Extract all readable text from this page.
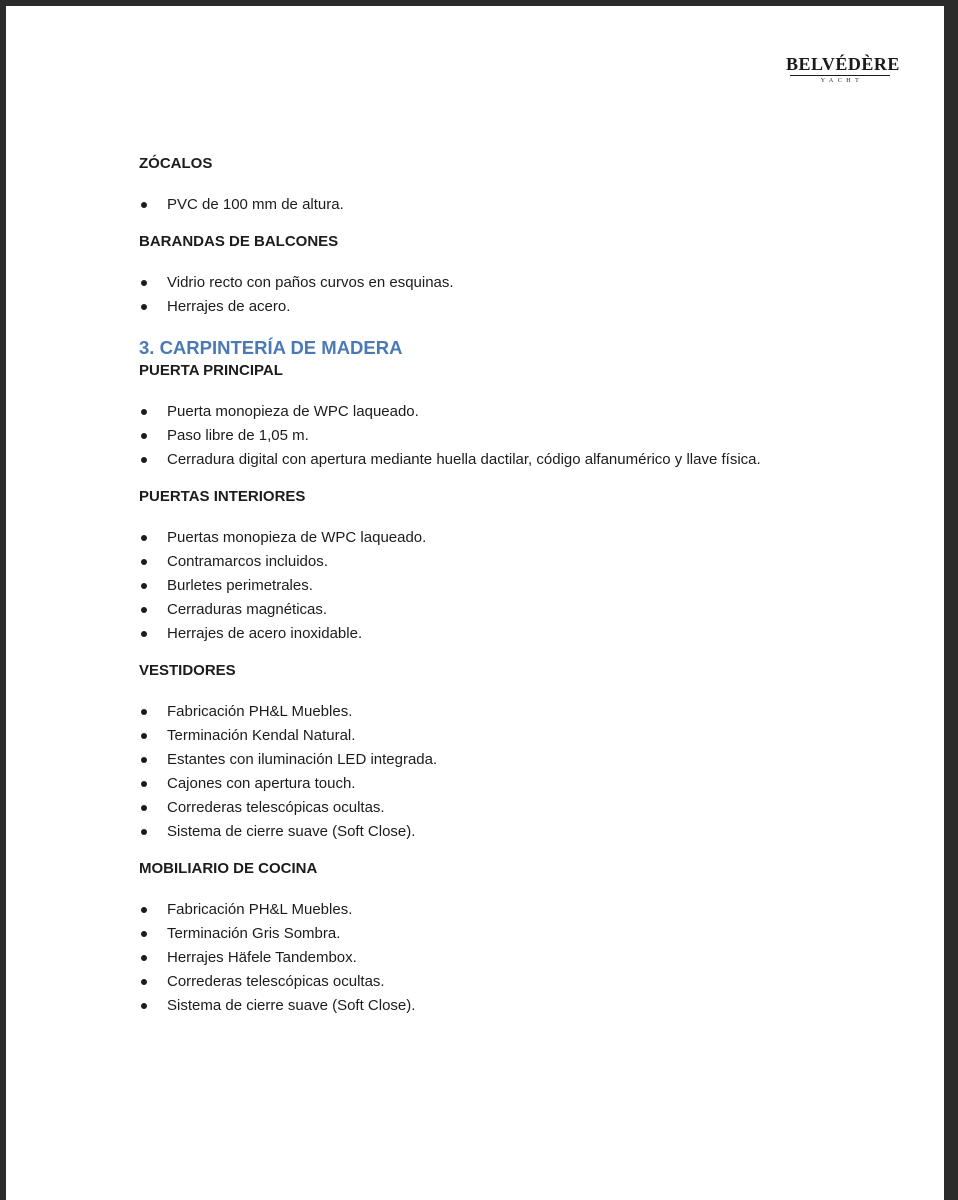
BELVÉDÈRE
YACHT
ZÓCALOS
PVC de 100 mm de altura.
BARANDAS DE BALCONES
Vidrio recto con paños curvos en esquinas.
Herrajes de acero.
3. CARPINTERÍA DE MADERA
PUERTA PRINCIPAL
Puerta monopieza de WPC laqueado.
Paso libre de 1,05 m.
Cerradura digital con apertura mediante huella dactilar, código alfanumérico y llave física.
PUERTAS INTERIORES
Puertas monopieza de WPC laqueado.
Contramarcos incluidos.
Burletes perimetrales.
Cerraduras magnéticas.
Herrajes de acero inoxidable.
VESTIDORES
Fabricación PH&L Muebles.
Terminación Kendal Natural.
Estantes con iluminación LED integrada.
Cajones con apertura touch.
Correderas telescópicas ocultas.
Sistema de cierre suave (Soft Close).
MOBILIARIO DE COCINA
Fabricación PH&L Muebles.
Terminación Gris Sombra.
Herrajes Häfele Tandembox.
Correderas telescópicas ocultas.
Sistema de cierre suave (Soft Close).
